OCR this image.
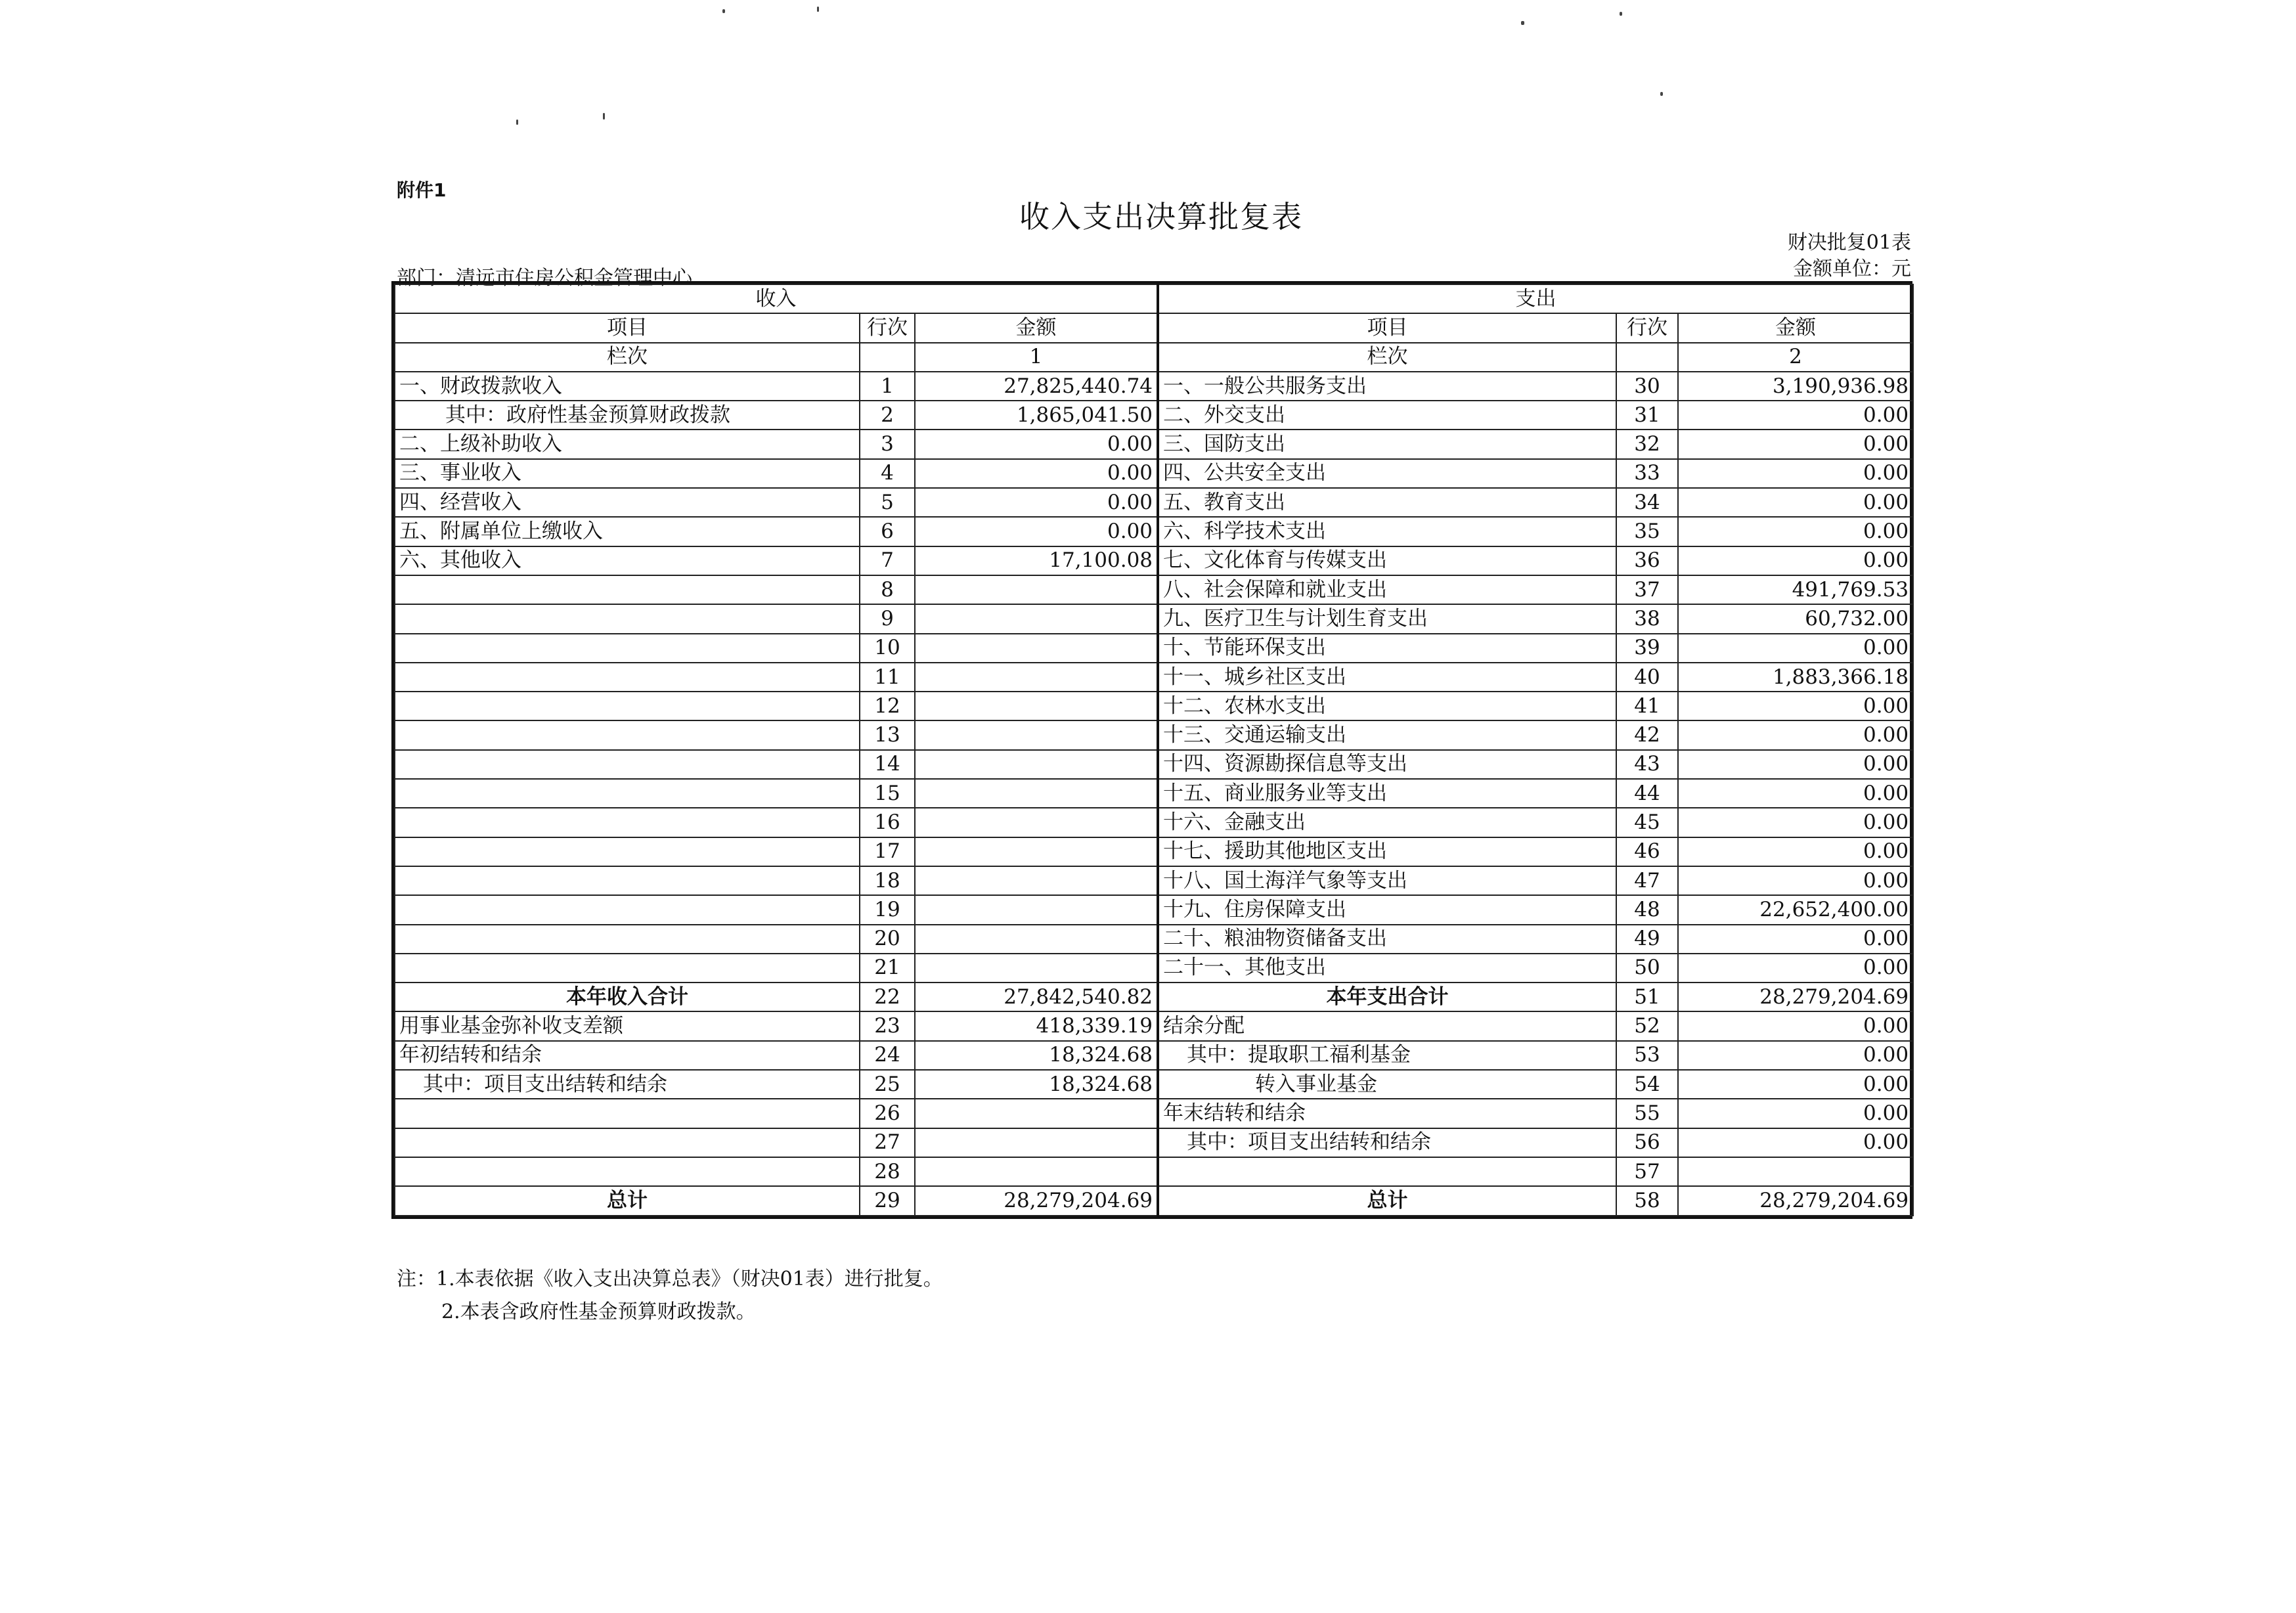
附件1
收入支出决算批复表
财决批复01表
金额单位：元
部门：清远市住房公积金管理中心
收入			支出		
项目	行次	金额	项目	行次	金额
栏次		1	栏次		2
一、财政拨款收入	1	27,825,440.74	一、一般公共服务支出	30	3,190,936.98
其中：政府性基金预算财政拨款	2	1,865,041.50	二、外交支出	31	0.00
二、上级补助收入	3	0.00	三、国防支出	32	0.00
三、事业收入	4	0.00	四、公共安全支出	33	0.00
四、经营收入	5	0.00	五、教育支出	34	0.00
五、附属单位上缴收入	6	0.00	六、科学技术支出	35	0.00
六、其他收入	7	17,100.08	七、文化体育与传媒支出	36	0.00
	8		八、社会保障和就业支出	37	491,769.53
	9		九、医疗卫生与计划生育支出	38	60,732.00
	10		十、节能环保支出	39	0.00
	11		十一、城乡社区支出	40	1,883,366.18
	12		十二、农林水支出	41	0.00
	13		十三、交通运输支出	42	0.00
	14		十四、资源勘探信息等支出	43	0.00
	15		十五、商业服务业等支出	44	0.00
	16		十六、金融支出	45	0.00
	17		十七、援助其他地区支出	46	0.00
	18		十八、国土海洋气象等支出	47	0.00
	19		十九、住房保障支出	48	22,652,400.00
	20		二十、粮油物资储备支出	49	0.00
	21		二十一、其他支出	50	0.00
本年收入合计	22	27,842,540.82	本年支出合计	51	28,279,204.69
用事业基金弥补收支差额	23	418,339.19	结余分配	52	0.00
年初结转和结余	24	18,324.68	其中：提取职工福利基金	53	0.00
其中：项目支出结转和结余	25	18,324.68	转入事业基金	54	0.00
	26		年末结转和结余	55	0.00
	27		其中：项目支出结转和结余	56	0.00
	28			57	
总计	29	28,279,204.69	总计	58	28,279,204.69
注：1.本表依据《收入支出决算总表》（财决01表）进行批复。
2.本表含政府性基金预算财政拨款。
